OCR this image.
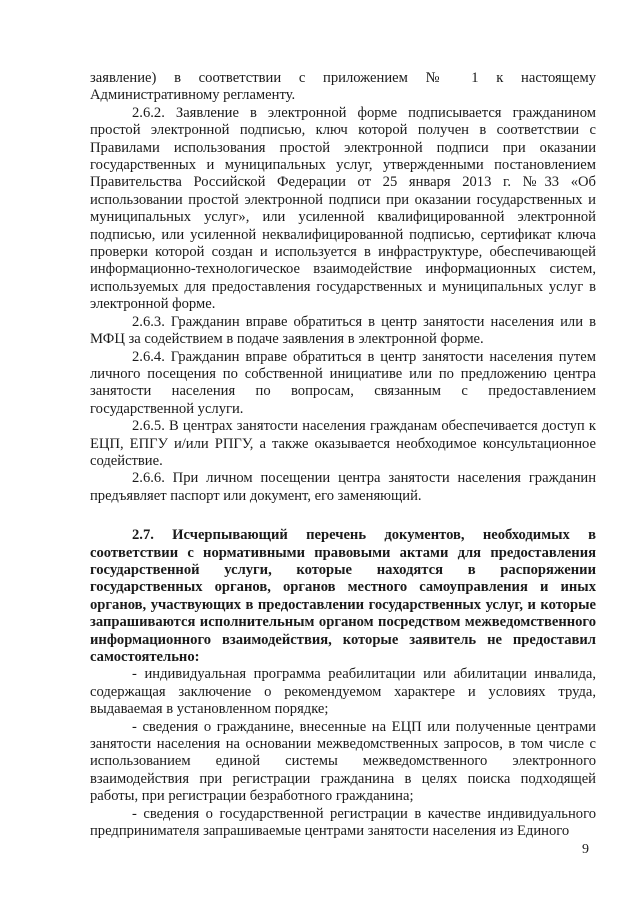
заявление) в соответствии с приложением № 1 к настоящему Административному регламенту.

2.6.2. Заявление в электронной форме подписывается гражданином простой электронной подписью, ключ которой получен в соответствии с Правилами использования простой электронной подписи при оказании государственных и муниципальных услуг, утвержденными постановлением Правительства Российской Федерации от 25 января 2013 г. №33 «Об использовании простой электронной подписи при оказании государственных и муниципальных услуг», или усиленной квалифицированной электронной подписью, или усиленной неквалифицированной подписью, сертификат ключа проверки которой создан и используется в инфраструктуре, обеспечивающей информационно-технологическое взаимодействие информационных систем, используемых для предоставления государственных и муниципальных услуг в электронной форме.

2.6.3. Гражданин вправе обратиться в центр занятости населения или в МФЦ за содействием в подаче заявления в электронной форме.

2.6.4. Гражданин вправе обратиться в центр занятости населения путем личного посещения по собственной инициативе или по предложению центра занятости населения по вопросам, связанным с предоставлением государственной услуги.

2.6.5. В центрах занятости населения гражданам обеспечивается доступ к ЕЦП, ЕПГУ и/или РПГУ, а также оказывается необходимое консультационное содействие.

2.6.6. При личном посещении центра занятости населения гражданин предъявляет паспорт или документ, его заменяющий.

2.7. Исчерпывающий перечень документов, необходимых в соответствии с нормативными правовыми актами для предоставления государственной услуги, которые находятся в распоряжении государственных органов, органов местного самоуправления и иных органов, участвующих в предоставлении государственных услуг, и которые запрашиваются исполнительным органом посредством межведомственного информационного взаимодействия, которые заявитель не предоставил самостоятельно:

- индивидуальная программа реабилитации или абилитации инвалида, содержащая заключение о рекомендуемом характере и условиях труда, выдаваемая в установленном порядке;

- сведения о гражданине, внесенные на ЕЦП или полученные центрами занятости населения на основании межведомственных запросов, в том числе с использованием единой системы межведомственного электронного взаимодействия при регистрации гражданина в целях поиска подходящей работы, при регистрации безработного гражданина;

- сведения о государственной регистрации в качестве индивидуального предпринимателя запрашиваемые центрами занятости населения из Единого

9
